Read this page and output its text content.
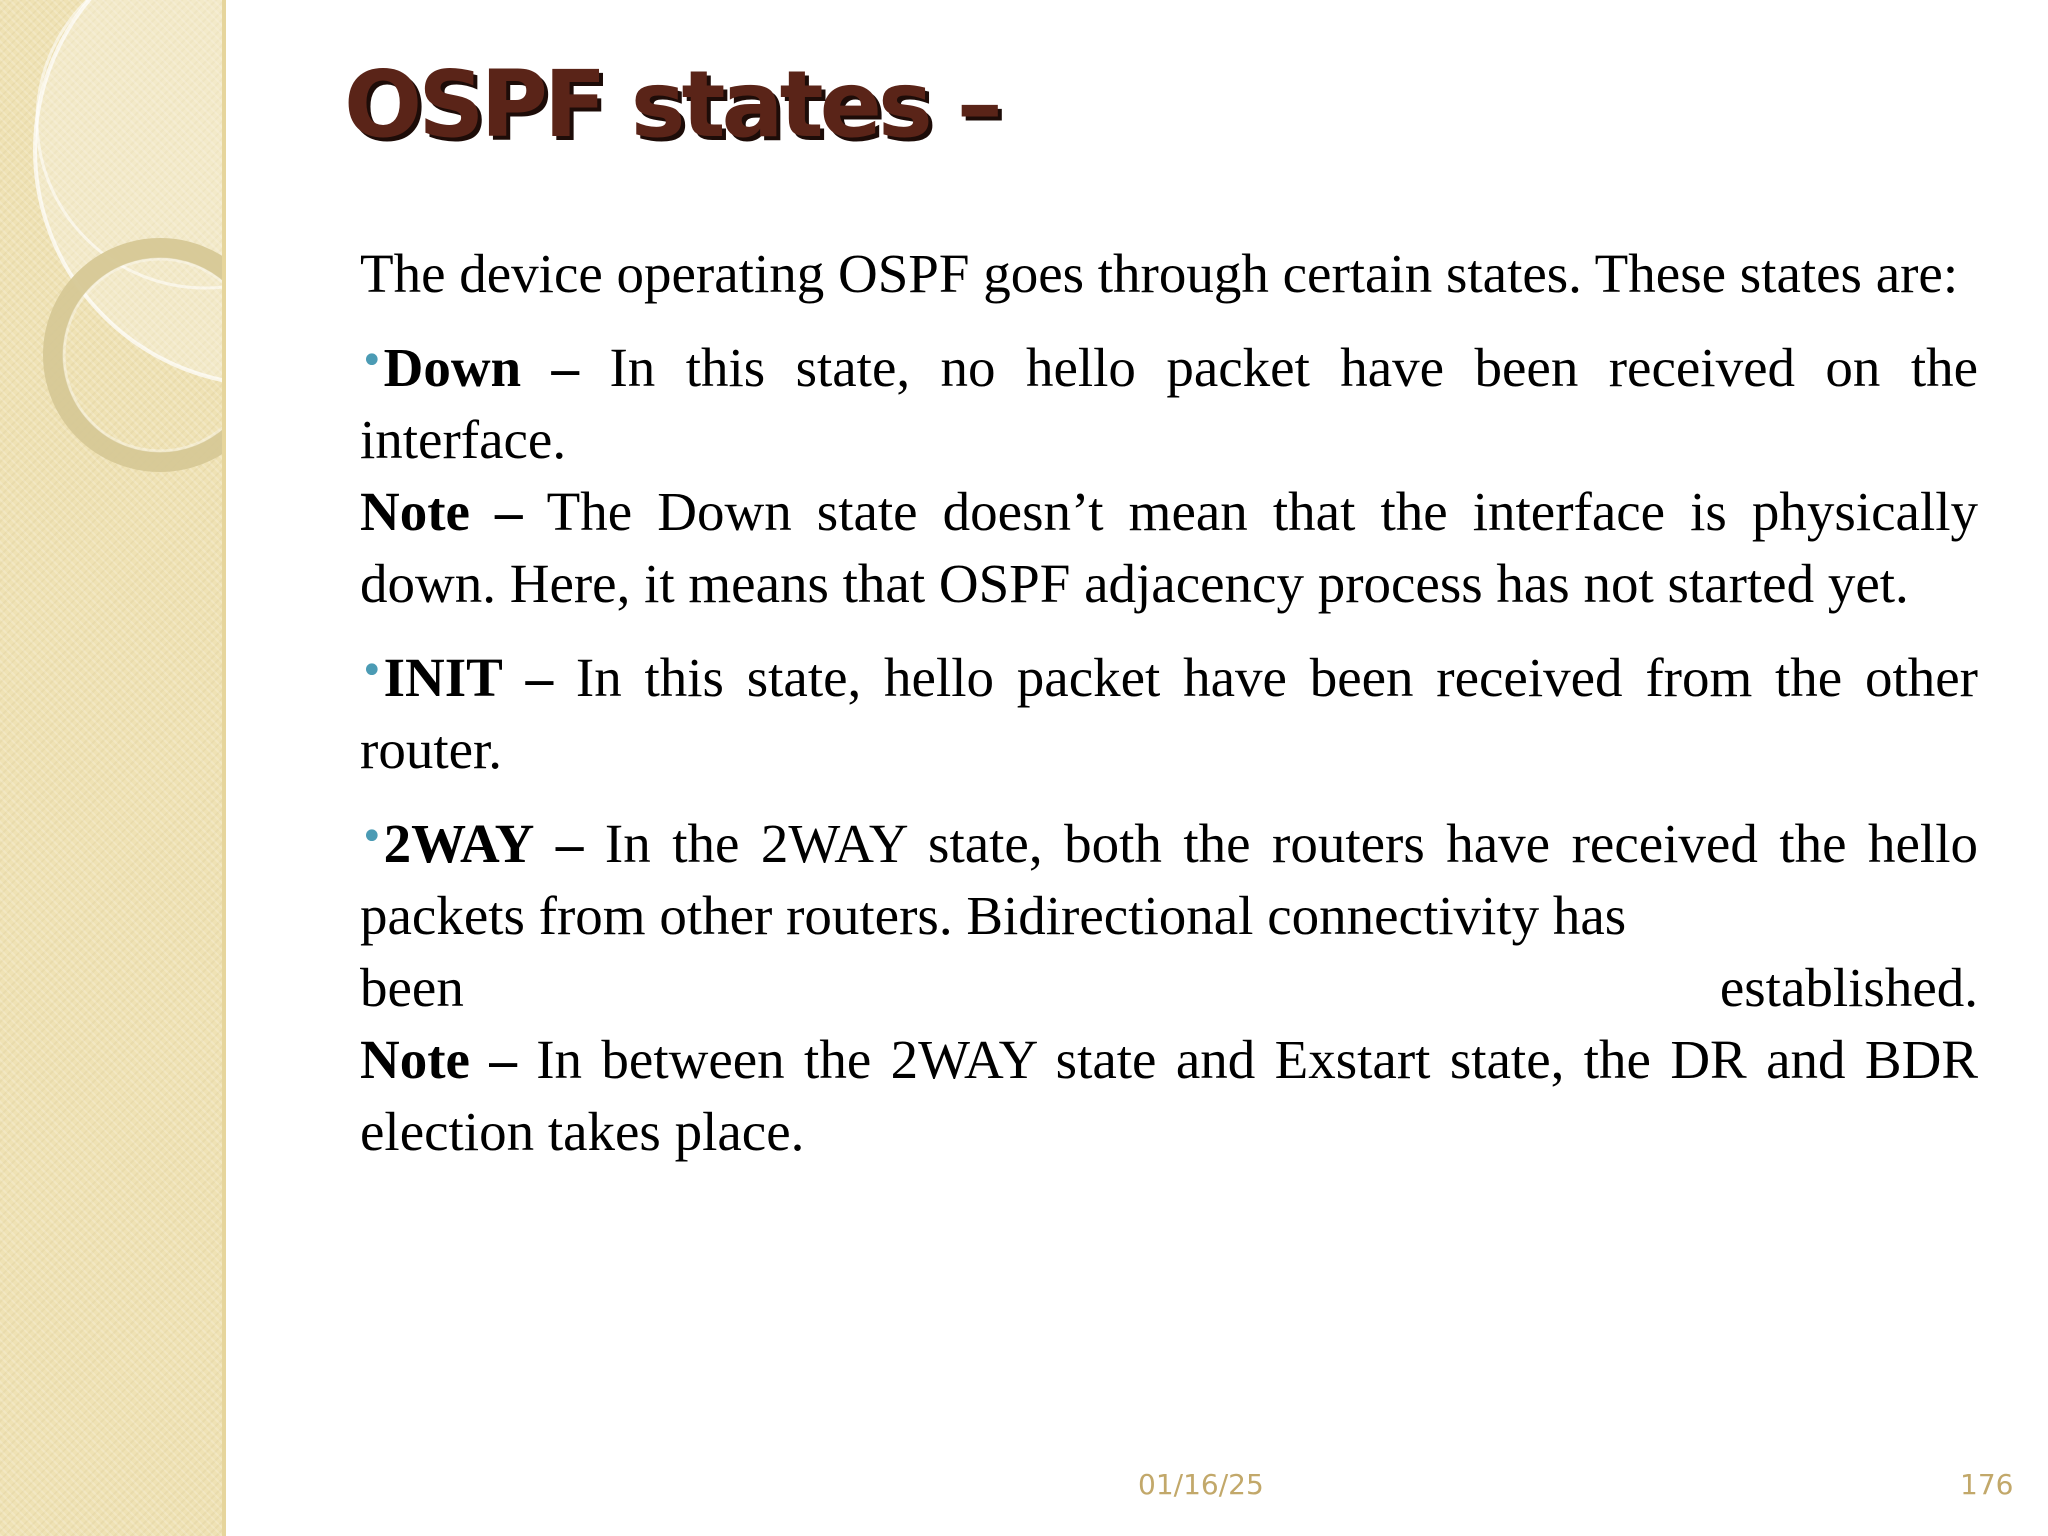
OSPF states –

The device operating OSPF goes through certain states. These states are:

•Down – In this state, no hello packet have been received on the interface.

Note – The Down state doesn’t mean that the interface is physically down. Here, it means that OSPF adjacency process has not started yet.

•INIT – In this state, hello packet have been received from the other router.

•2WAY – In the 2WAY state, both the routers have received the hello packets from other routers. Bidirectional connectivity has

been	established.

Note – In between the 2WAY state and Exstart state, the DR and BDR election takes place.

01/16/25	176
